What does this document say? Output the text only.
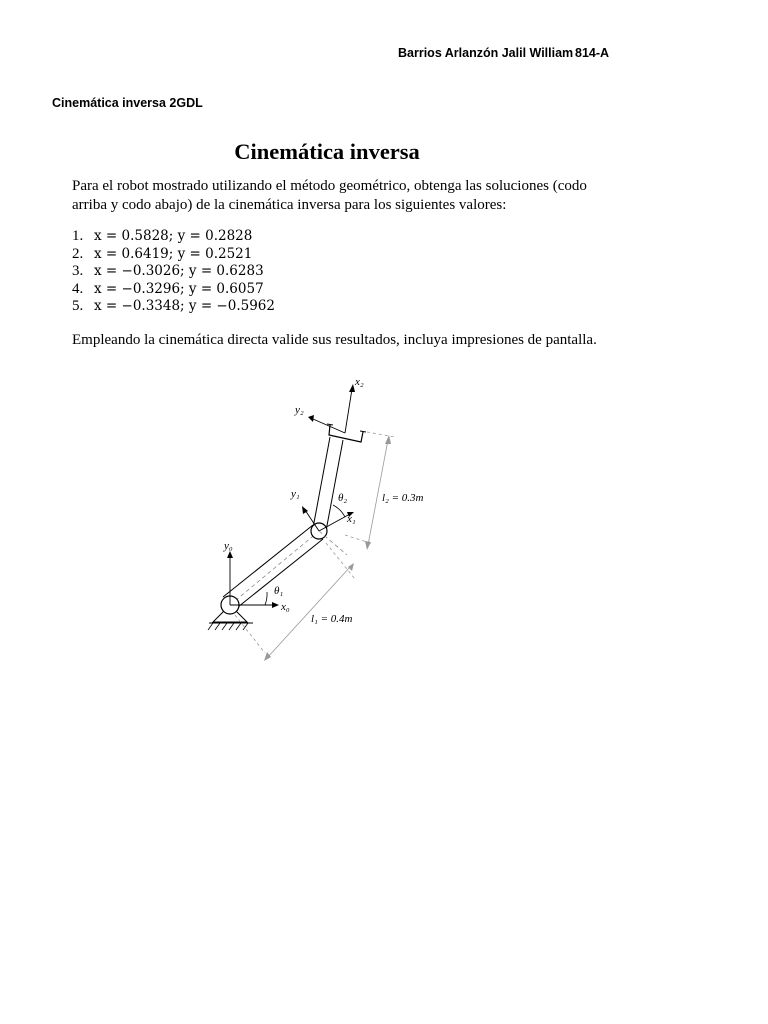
Barrios Arlanzón Jalil William 814-A
Cinemática inversa 2GDL
Cinemática inversa
Para el robot mostrado utilizando el método geométrico, obtenga las soluciones (codo
arriba y codo abajo) de la cinemática inversa para los siguientes valores:
1. x = 0.5828; y = 0.2828
2. x = 0.6419; y = 0.2521
3. x = −0.3026; y = 0.6283
4. x = −0.3296; y = 0.6057
5. x = −0.3348; y = −0.5962
Empleando la cinemática directa valide sus resultados, incluya impresiones de pantalla.
x₂
y₂
y₁	θ₂
x₁
l₂ = 0.3m
y₀
θ₁
x₀
l₁ = 0.4m
